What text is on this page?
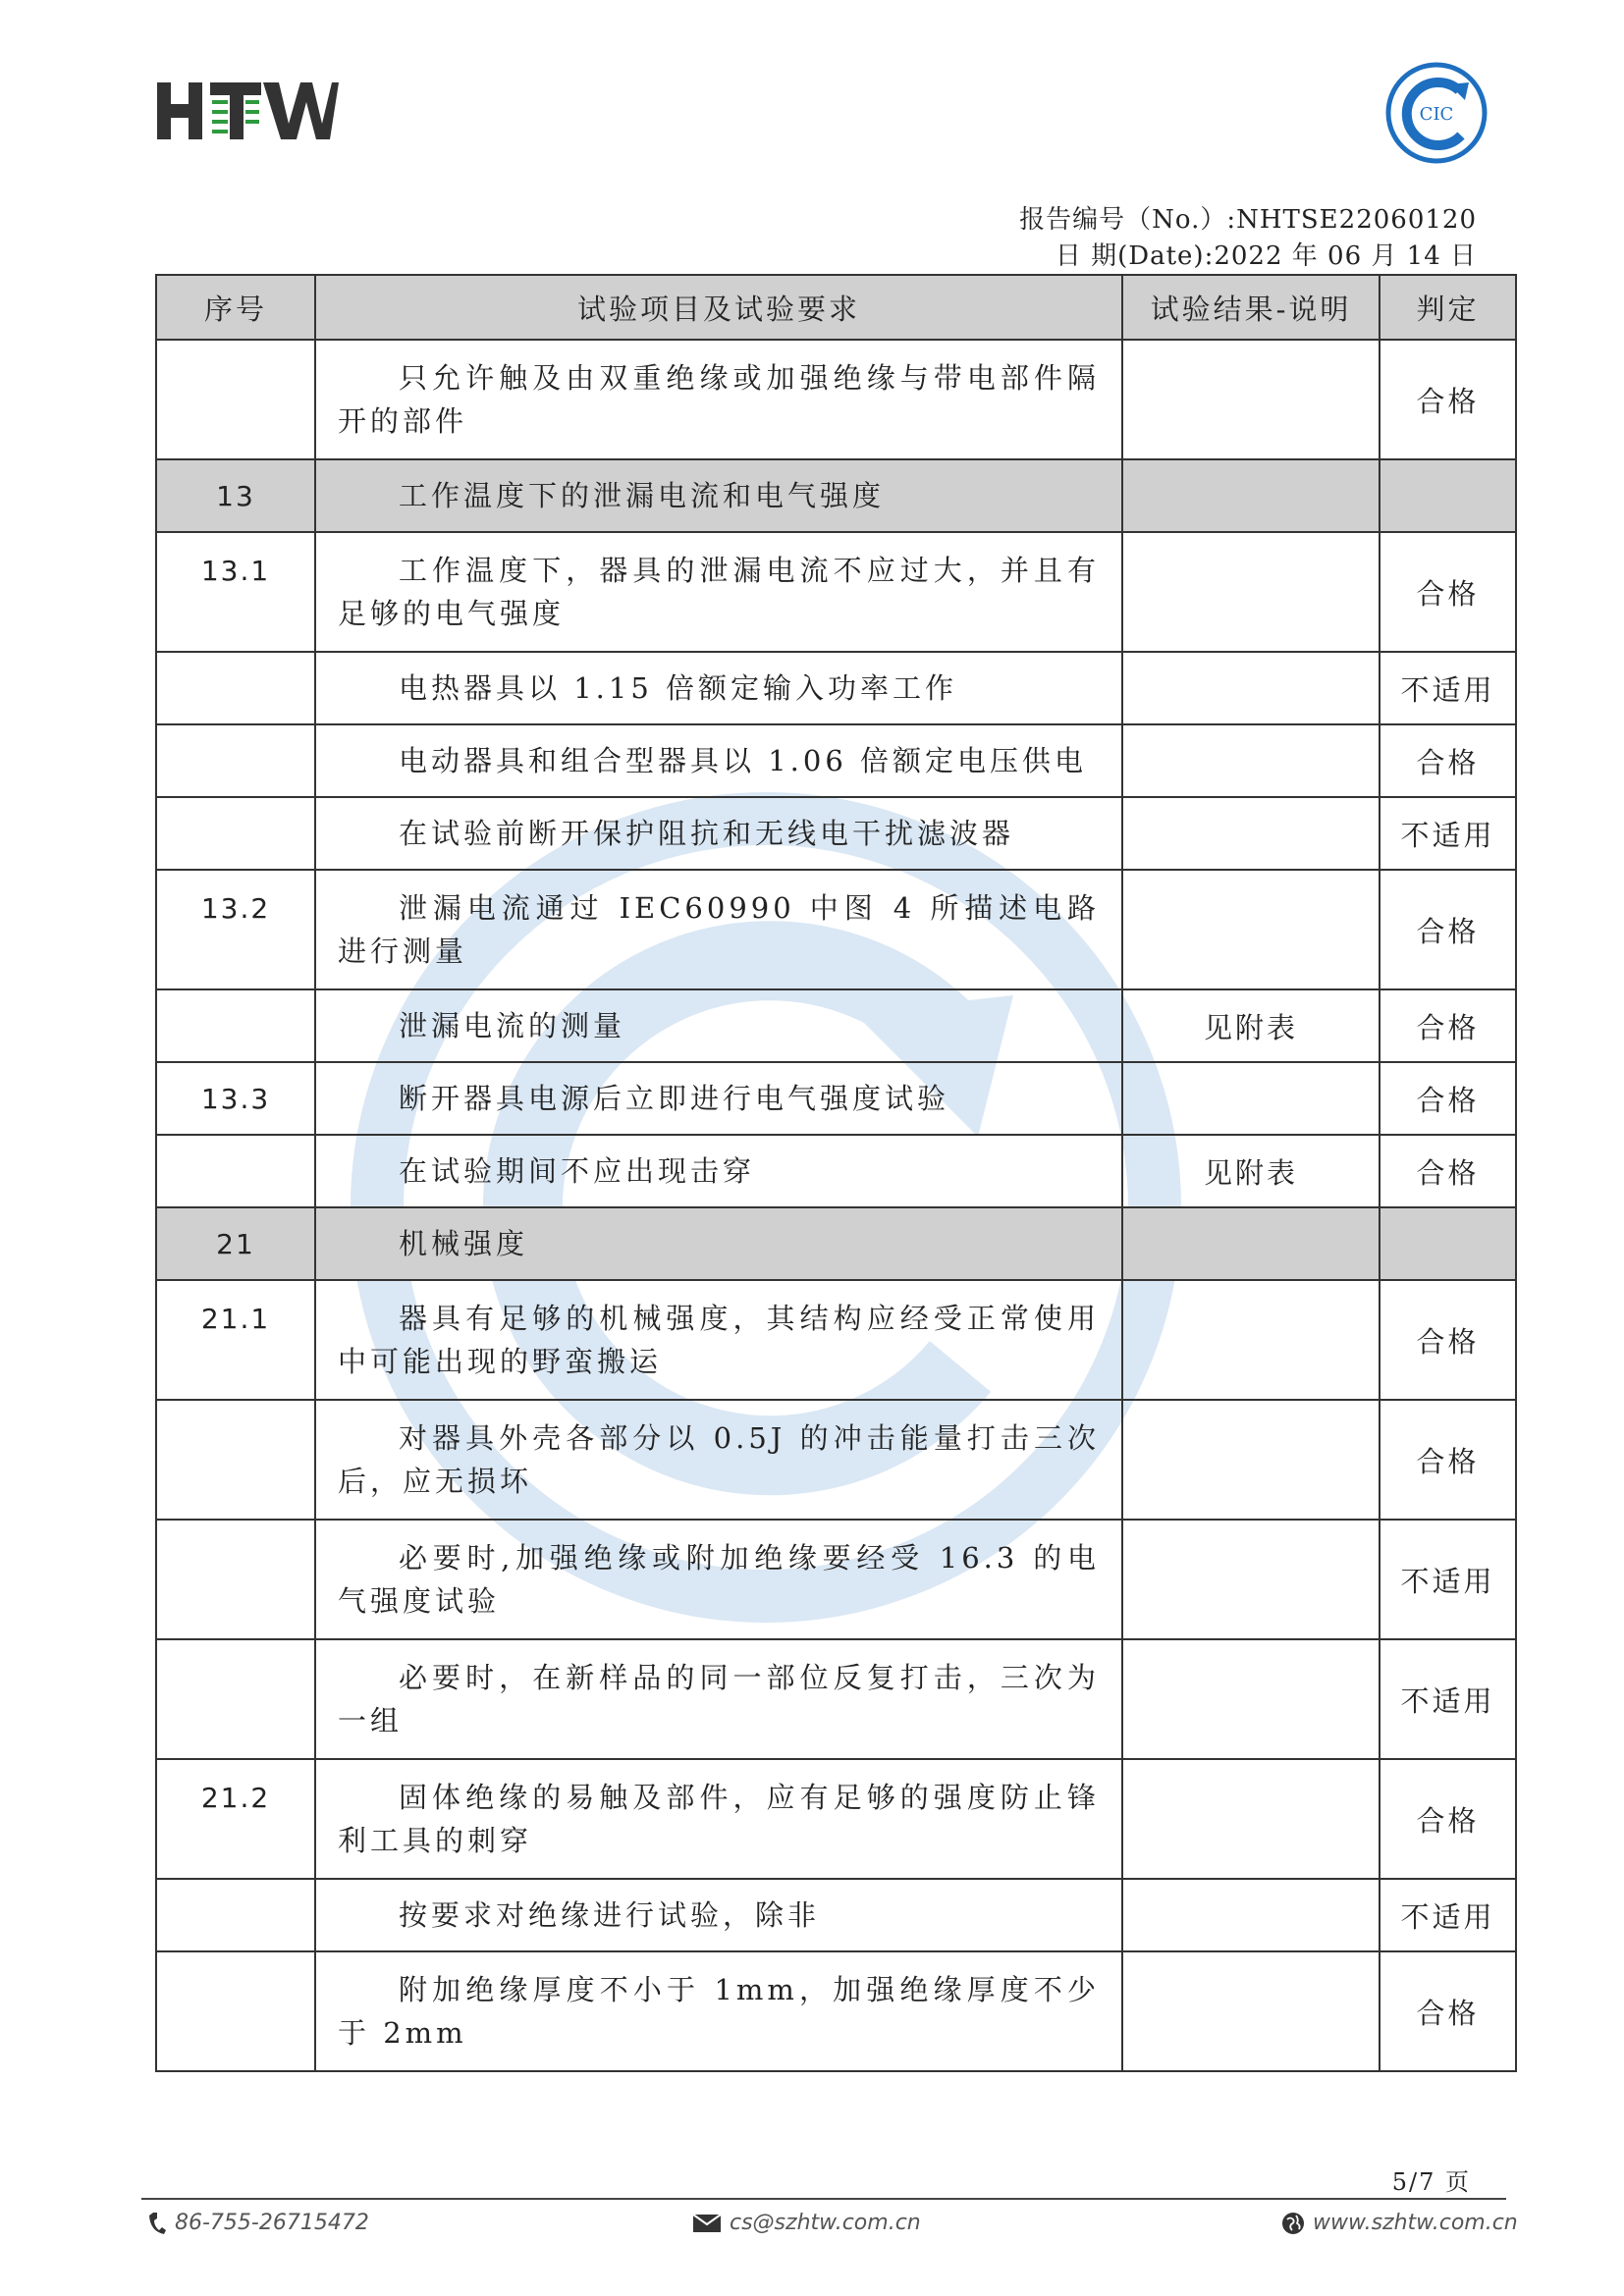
CIC
报告编号（No.）:NHTSE22060120
日 期(Date):2022 年 06 月 14 日
序号	试验项目及试验要求	试验结果-说明	判定
	只允许触及由双重绝缘或加强绝缘与带电部件隔开的部件		合格
13	工作温度下的泄漏电流和电气强度		
13.1	工作温度下，器具的泄漏电流不应过大，并且有足够的电气强度		合格
	电热器具以 1.15 倍额定输入功率工作		不适用
	电动器具和组合型器具以 1.06 倍额定电压供电		合格
	在试验前断开保护阻抗和无线电干扰滤波器		不适用
13.2	泄漏电流通过 IEC60990 中图 4 所描述电路进行测量		合格
	泄漏电流的测量	见附表	合格
13.3	断开器具电源后立即进行电气强度试验		合格
	在试验期间不应出现击穿	见附表	合格
21	机械强度		
21.1	器具有足够的机械强度，其结构应经受正常使用中可能出现的野蛮搬运		合格
	对器具外壳各部分以 0.5J 的冲击能量打击三次后，应无损坏		合格
	必要时,加强绝缘或附加绝缘要经受 16.3 的电气强度试验		不适用
	必要时，在新样品的同一部位反复打击，三次为一组		不适用
21.2	固体绝缘的易触及部件，应有足够的强度防止锋利工具的刺穿		合格
	按要求对绝缘进行试验，除非		不适用
	附加绝缘厚度不小于 1mm，加强绝缘厚度不少于 2mm		合格
5/7 页
86-755-26715472	cs@szhtw.com.cn	www.szhtw.com.cn
